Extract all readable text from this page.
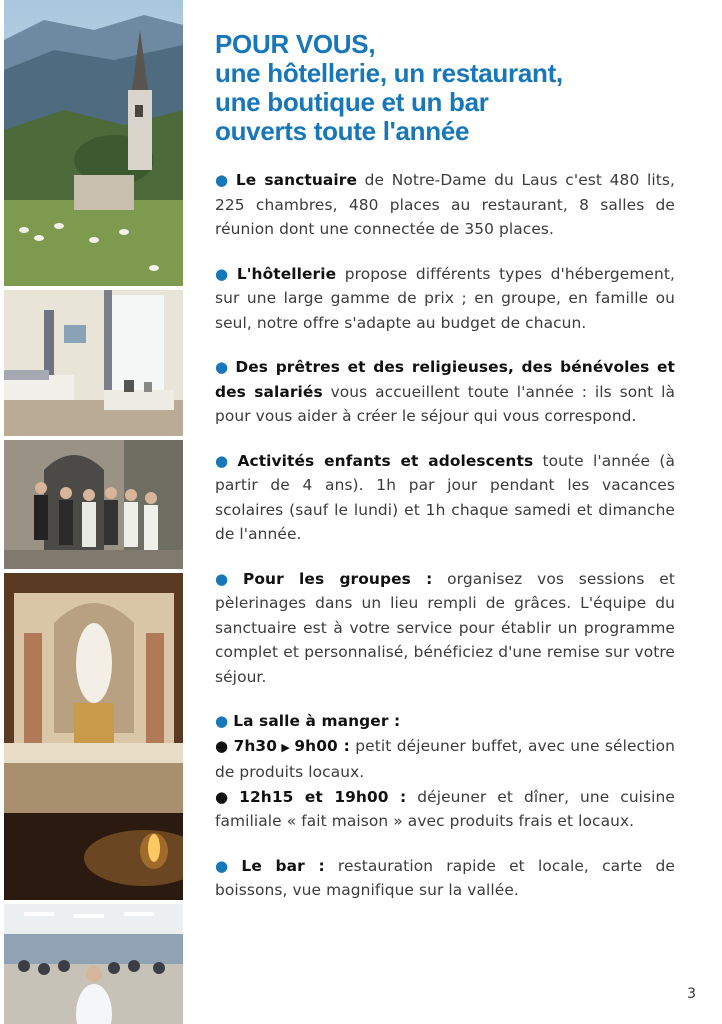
POUR VOUS,
une hôtellerie, un restaurant,
une boutique et un bar
ouverts toute l'année

● Le sanctuaire de Notre-Dame du Laus c'est 480 lits, 225 chambres, 480 places au restaurant, 8 salles de réunion dont une connectée de 350 places.

● L'hôtellerie propose différents types d'hébergement, sur une large gamme de prix ; en groupe, en famille ou seul, notre offre s'adapte au budget de chacun.

● Des prêtres et des religieuses, des bénévoles et des salariés vous accueillent toute l'année : ils sont là pour vous aider à créer le séjour qui vous correspond.

● Activités enfants et adolescents toute l'année (à partir de 4 ans). 1h par jour pendant les vacances scolaires (sauf le lundi) et 1h chaque samedi et dimanche de l'année.

● Pour les groupes : organisez vos sessions et pèlerinages dans un lieu rempli de grâces. L'équipe du sanctuaire est à votre service pour établir un programme complet et personnalisé, bénéficiez d'une remise sur votre séjour.

● La salle à manger :
● 7h30 ▶ 9h00 : petit déjeuner buffet, avec une sélection de produits locaux.
● 12h15 et 19h00 : déjeuner et dîner, une cuisine familiale « fait maison » avec produits frais et locaux.

● Le bar : restauration rapide et locale, carte de boissons, vue magnifique sur la vallée.

3
